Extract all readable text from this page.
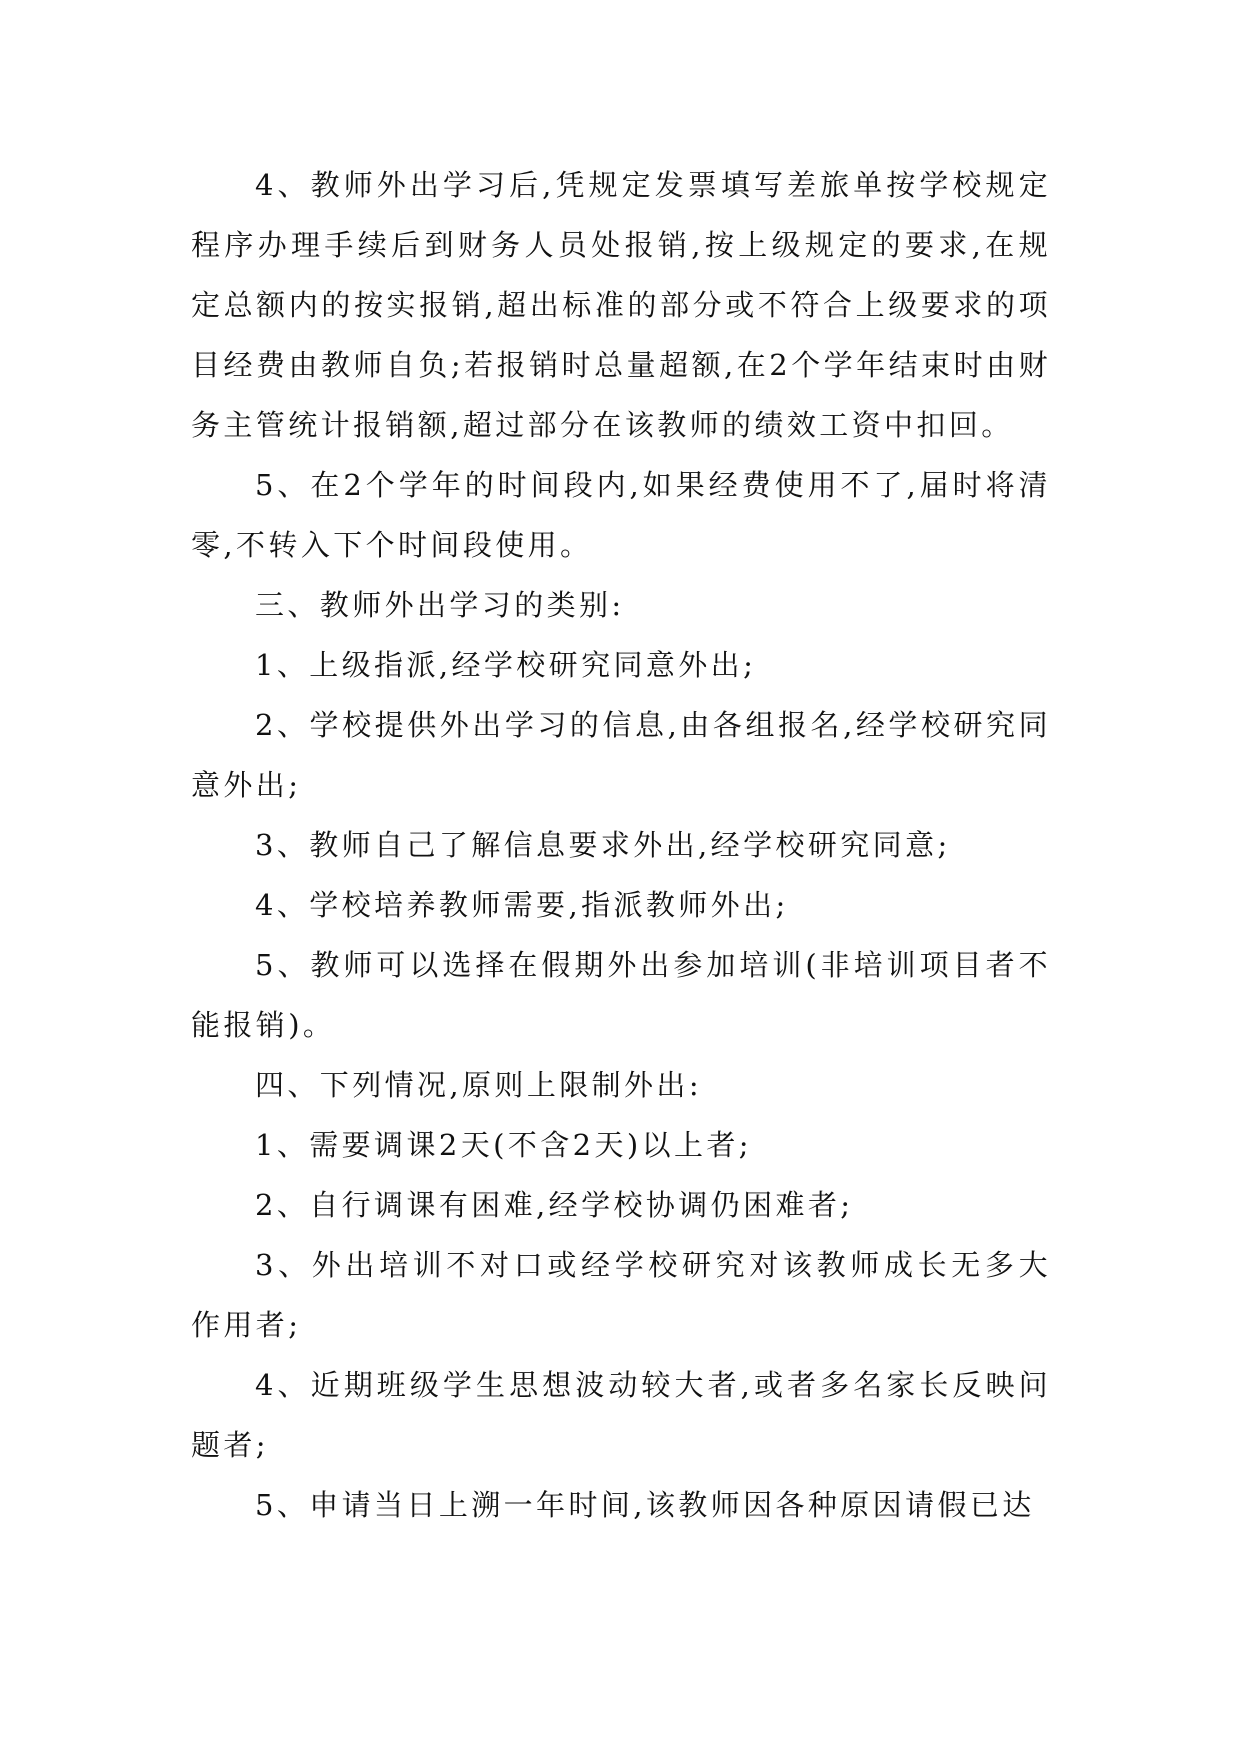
4、教师外出学习后,凭规定发票填写差旅单按学校规定程序办理手续后到财务人员处报销,按上级规定的要求,在规定总额内的按实报销,超出标准的部分或不符合上级要求的项目经费由教师自负;若报销时总量超额,在2个学年结束时由财务主管统计报销额,超过部分在该教师的绩效工资中扣回。

5、在2个学年的时间段内,如果经费使用不了,届时将清零,不转入下个时间段使用。

三、教师外出学习的类别:

1、上级指派,经学校研究同意外出;

2、学校提供外出学习的信息,由各组报名,经学校研究同意外出;

3、教师自己了解信息要求外出,经学校研究同意;

4、学校培养教师需要,指派教师外出;

5、教师可以选择在假期外出参加培训(非培训项目者不能报销)。

四、下列情况,原则上限制外出:

1、需要调课2天(不含2天)以上者;

2、自行调课有困难,经学校协调仍困难者;

3、外出培训不对口或经学校研究对该教师成长无多大作用者;

4、近期班级学生思想波动较大者,或者多名家长反映问题者;

5、申请当日上溯一年时间,该教师因各种原因请假已达
